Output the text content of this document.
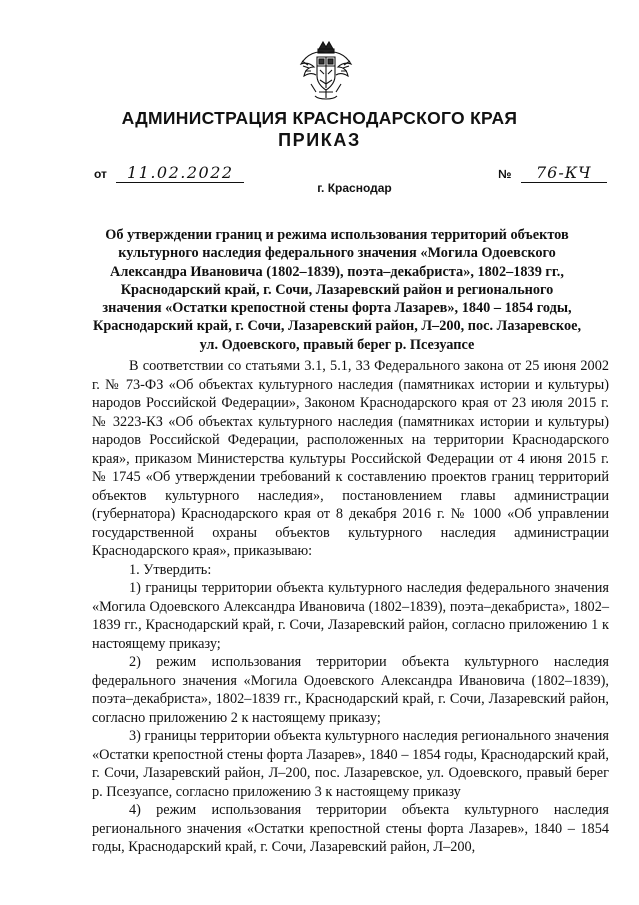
АДМИНИСТРАЦИЯ КРАСНОДАРСКОГО КРАЯ
ПРИКАЗ
от 11.02.2022	№ 76-КЧ
г. Краснодар
Об утверждении границ и режима использования территорий объектов культурного наследия федерального значения «Могила Одоевского Александра Ивановича (1802–1839), поэта–декабриста», 1802–1839 гг., Краснодарский край, г. Сочи, Лазаревский район и регионального значения «Остатки крепостной стены форта Лазарев», 1840 – 1854 годы, Краснодарский край, г. Сочи, Лазаревский район, Л–200, пос. Лазаревское, ул. Одоевского, правый берег р. Псезуапсе

В соответствии со статьями 3.1, 5.1, 33 Федерального закона от 25 июня 2002 г. № 73-ФЗ «Об объектах культурного наследия (памятниках истории и культуры) народов Российской Федерации», Законом Краснодарского края от 23 июля 2015 г. № 3223-КЗ «Об объектах культурного наследия (памятниках истории и культуры) народов Российской Федерации, расположенных на территории Краснодарского края», приказом Министерства культуры Российской Федерации от 4 июня 2015 г. № 1745 «Об утверждении требований к составлению проектов границ территорий объектов культурного наследия», постановлением главы администрации (губернатора) Краснодарского края от 8 декабря 2016 г. № 1000 «Об управлении государственной охраны объектов культурного наследия администрации Краснодарского края», приказываю:

1. Утвердить:

1) границы территории объекта культурного наследия федерального значения «Могила Одоевского Александра Ивановича (1802–1839), поэта–декабриста», 1802–1839 гг., Краснодарский край, г. Сочи, Лазаревский район, согласно приложению 1 к настоящему приказу;

2) режим использования территории объекта культурного наследия федерального значения «Могила Одоевского Александра Ивановича (1802–1839), поэта–декабриста», 1802–1839 гг., Краснодарский край, г. Сочи, Лазаревский район, согласно приложению 2 к настоящему приказу;

3) границы территории объекта культурного наследия регионального значения «Остатки крепостной стены форта Лазарев», 1840 – 1854 годы, Краснодарский край, г. Сочи, Лазаревский район, Л–200, пос. Лазаревское, ул. Одоевского, правый берег р. Псезуапсе, согласно приложению 3 к настоящему приказу

4) режим использования территории объекта культурного наследия регионального значения «Остатки крепостной стены форта Лазарев», 1840 – 1854 годы, Краснодарский край, г. Сочи, Лазаревский район, Л–200,
